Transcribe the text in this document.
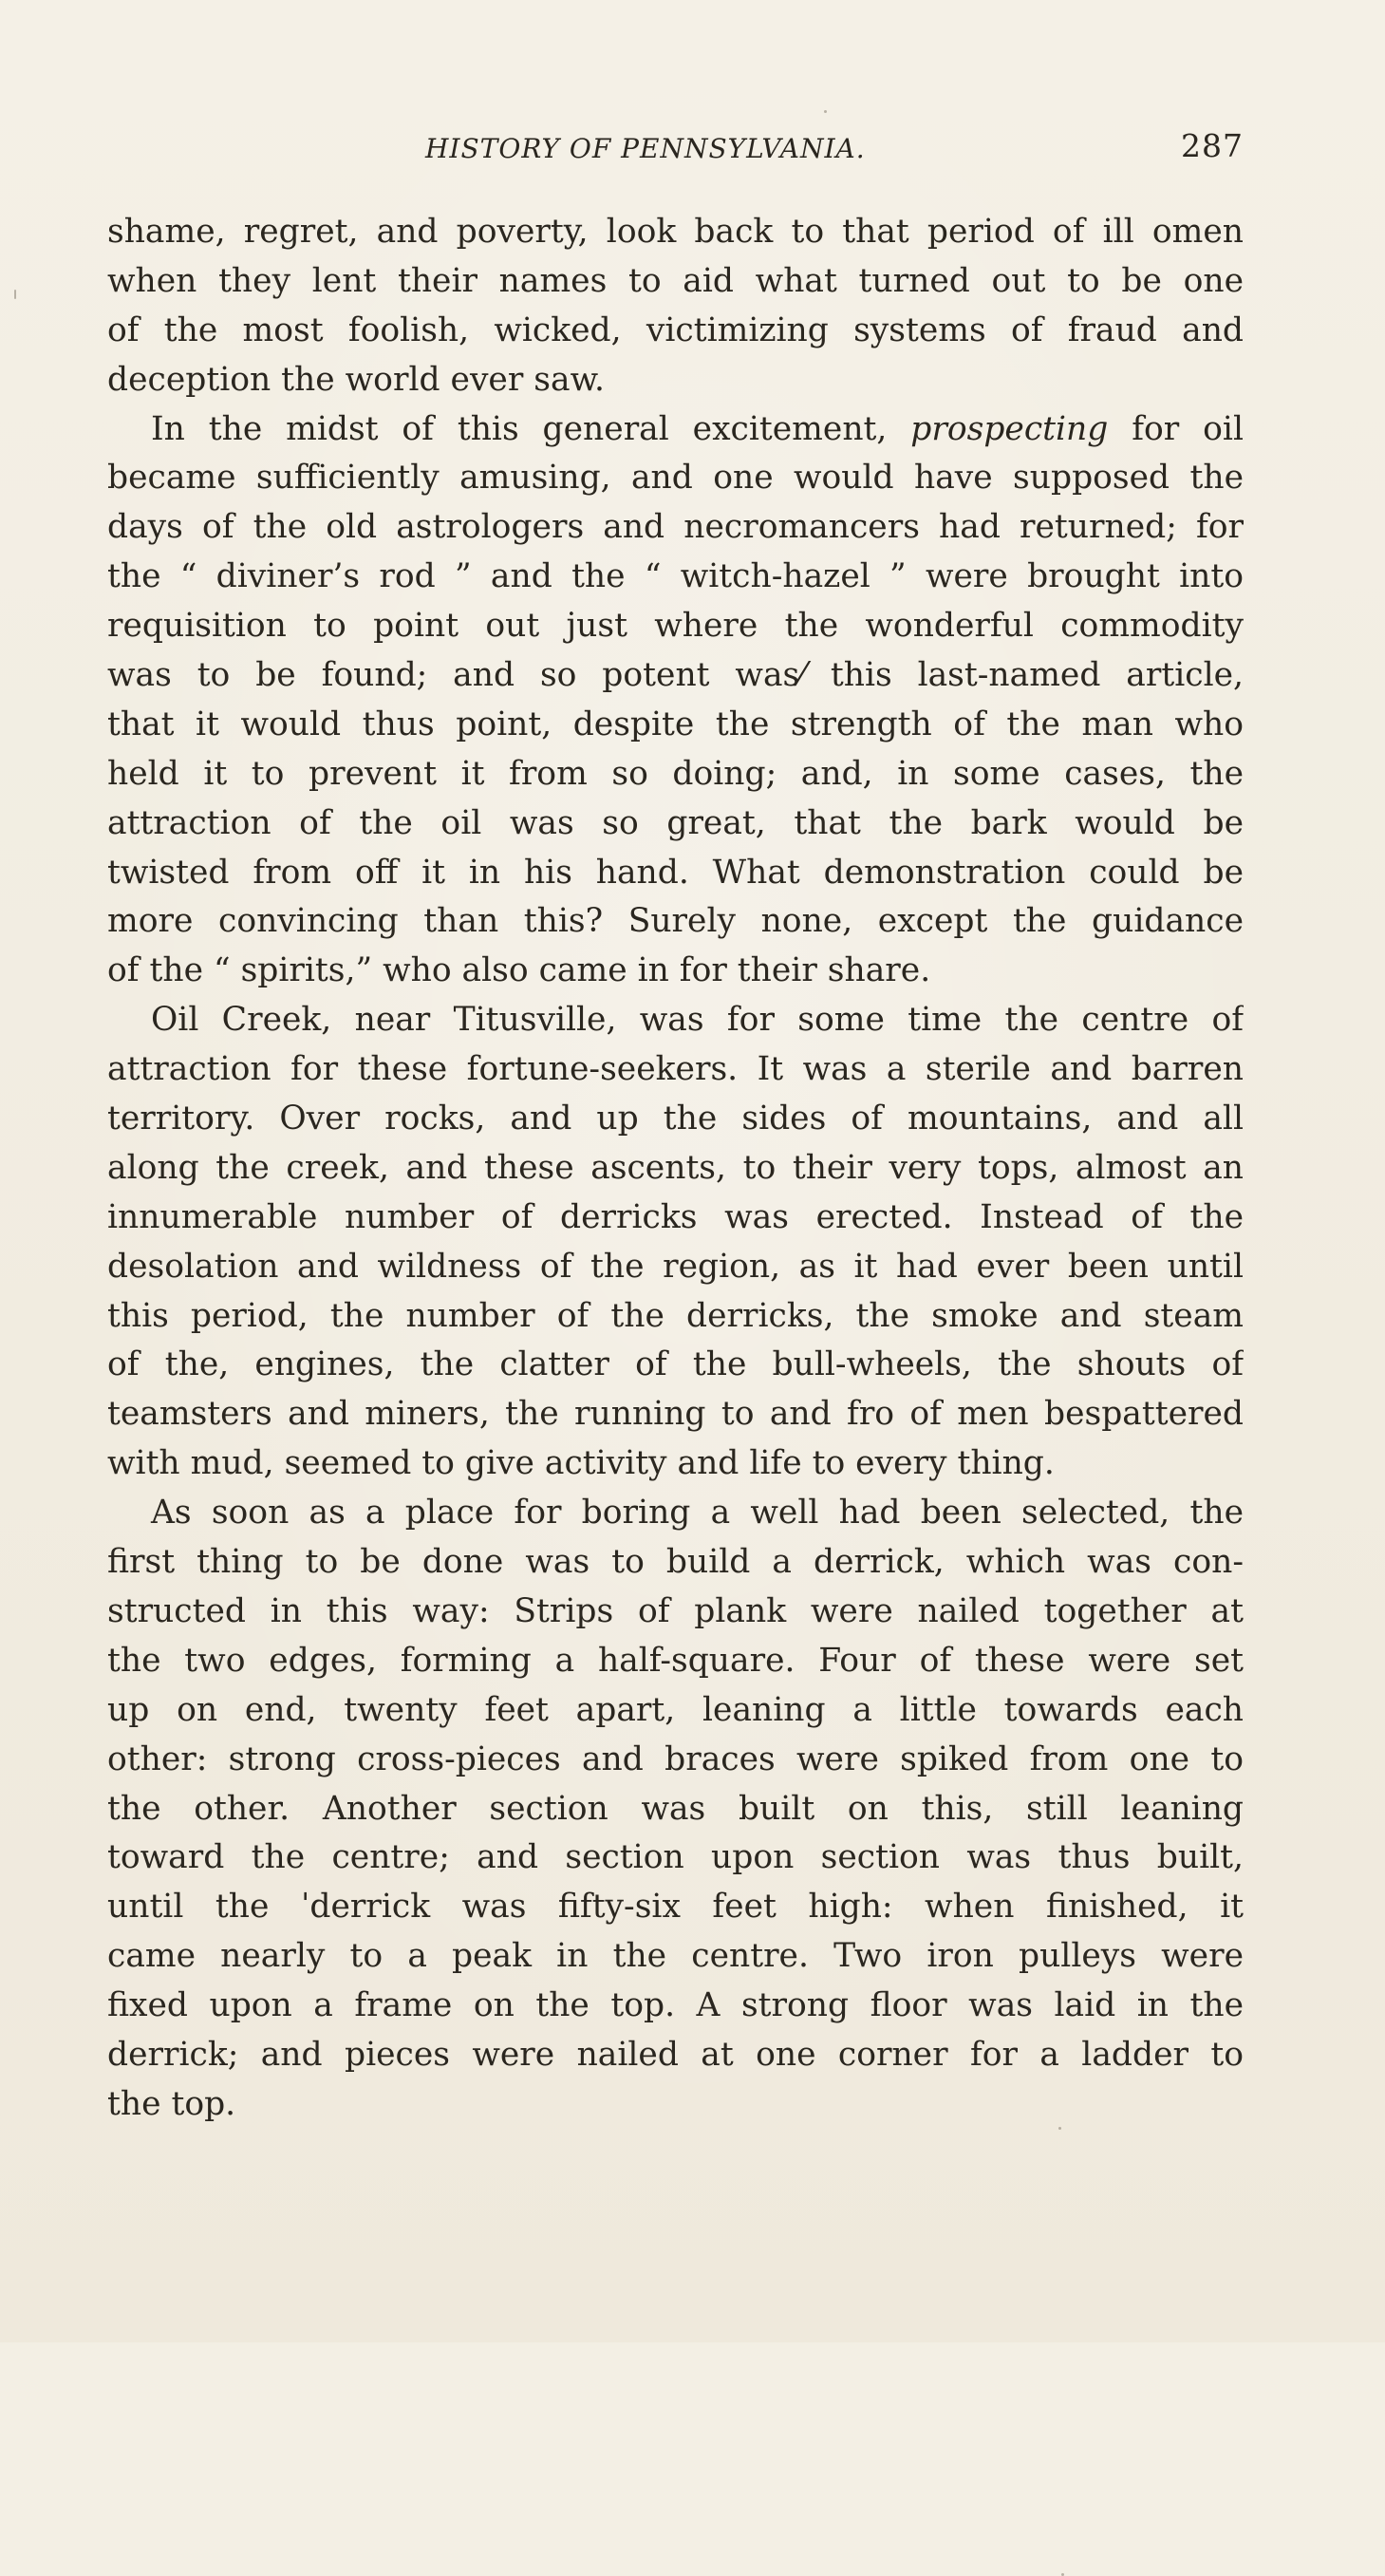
HISTORY OF PENNSYLVANIA.	287
shame, regret, and poverty, look back to that period of ill omen
when they lent their names to aid what turned out to be one
of the most foolish, wicked, victimizing systems of fraud and
deception the world ever saw.
In the midst of this general excitement, prospecting for oil
became sufficiently amusing, and one would have supposed the
days of the old astrologers and necromancers had returned; for
the “ diviner’s rod ” and the “ witch-hazel ” were brought into
requisition to point out just where the wonderful commodity
was to be found; and so potent was⁄ this last-named article,
that it would thus point, despite the strength of the man who
held it to prevent it from so doing; and, in some cases, the
attraction of the oil was so great, that the bark would be
twisted from off it in his hand. What demonstration could be
more convincing than this? Surely none, except the guidance
of the “ spirits,” who also came in for their share.
Oil Creek, near Titusville, was for some time the centre of
attraction for these fortune-seekers. It was a sterile and barren
territory. Over rocks, and up the sides of mountains, and all
along the creek, and these ascents, to their very tops, almost an
innumerable number of derricks was erected. Instead of the
desolation and wildness of the region, as it had ever been until
this period, the number of the derricks, the smoke and steam
of the, engines, the clatter of the bull-wheels, the shouts of
teamsters and miners, the running to and fro of men bespattered
with mud, seemed to give activity and life to every thing.
As soon as a place for boring a well had been selected, the
first thing to be done was to build a derrick, which was con-
structed in this way: Strips of plank were nailed together at
the two edges, forming a half-square. Four of these were set
up on end, twenty feet apart, leaning a little towards each
other: strong cross-pieces and braces were spiked from one to
the other. Another section was built on this, still leaning
toward the centre; and section upon section was thus built,
until the ˈderrick was fifty-six feet high: when finished, it
came nearly to a peak in the centre. Two iron pulleys were
fixed upon a frame on the top. A strong floor was laid in the
derrick; and pieces were nailed at one corner for a ladder to
the top.
